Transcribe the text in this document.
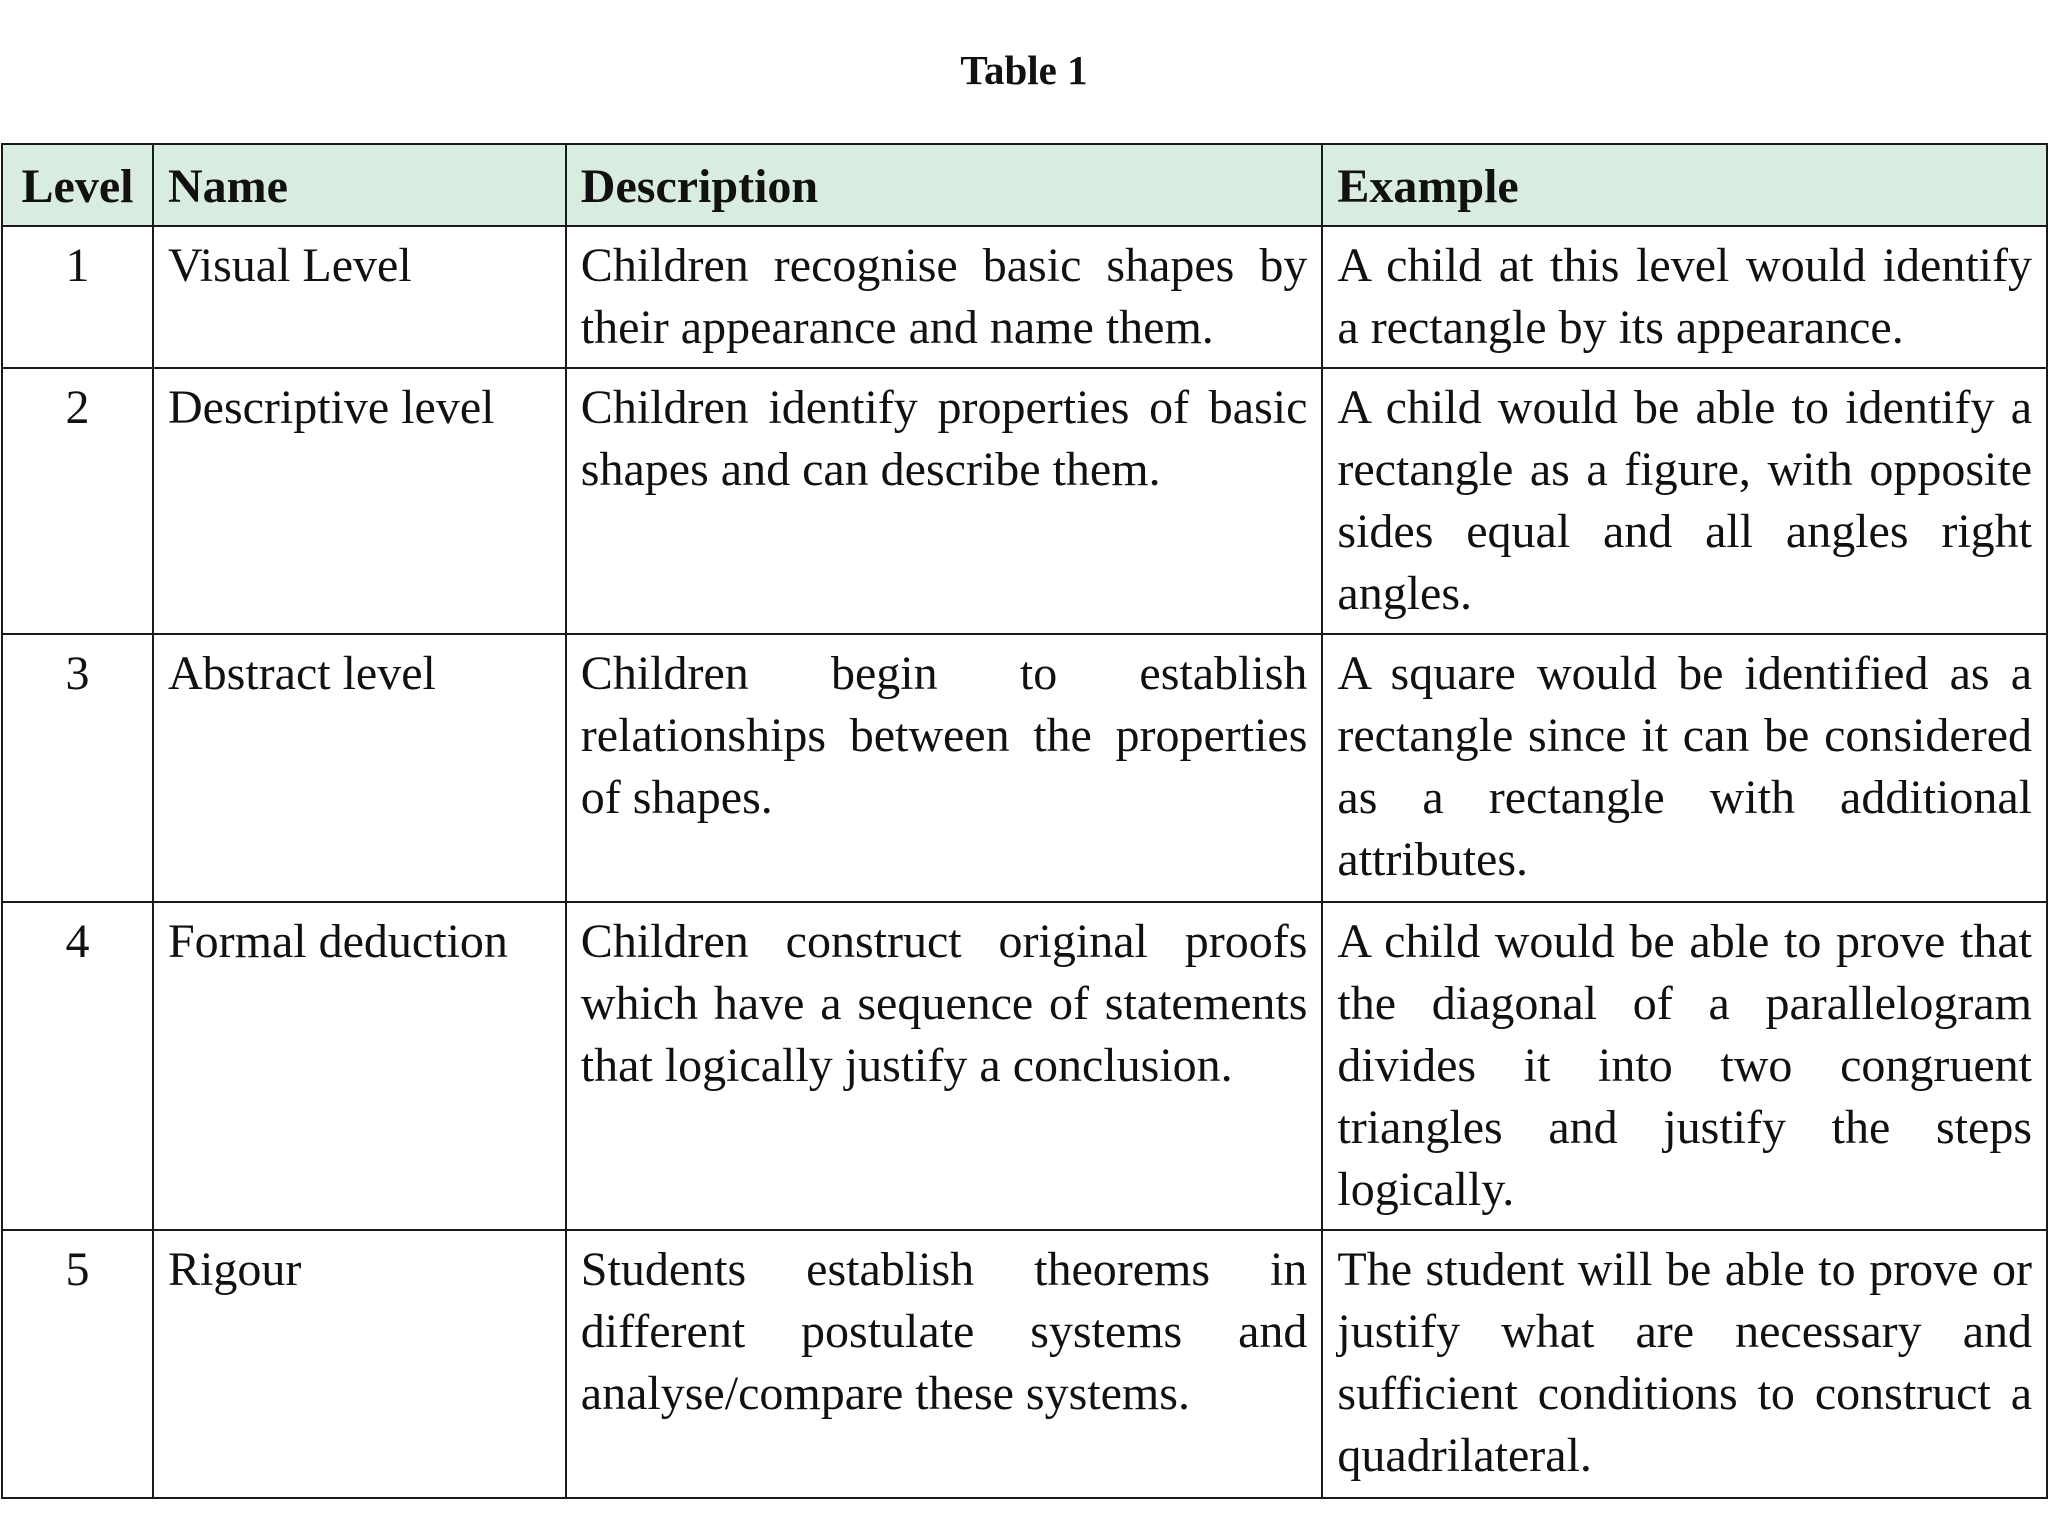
Table 1
Level	Name	Description	Example
1	Visual Level	Children recognise basic shapes by their appearance and name them.	A child at this level would identify a rectangle by its appearance.
2	Descriptive level	Children identify properties of basic shapes and can describe them.	A child would be able to identify a rectangle as a figure, with opposite sides equal and all angles right angles.
3	Abstract level	Children begin to establish relationships between the properties of shapes.	A square would be identified as a rectangle since it can be considered as a rectangle with additional attributes.
4	Formal deduction	Children construct original proofs which have a sequence of statements that logically justify a conclusion.	A child would be able to prove that the diagonal of a parallelogram divides it into two congruent triangles and justify the steps logically.
5	Rigour	Students establish theorems in different postulate systems and analyse/compare these systems.	The student will be able to prove or justify what are necessary and sufficient conditions to construct a quadrilateral.
